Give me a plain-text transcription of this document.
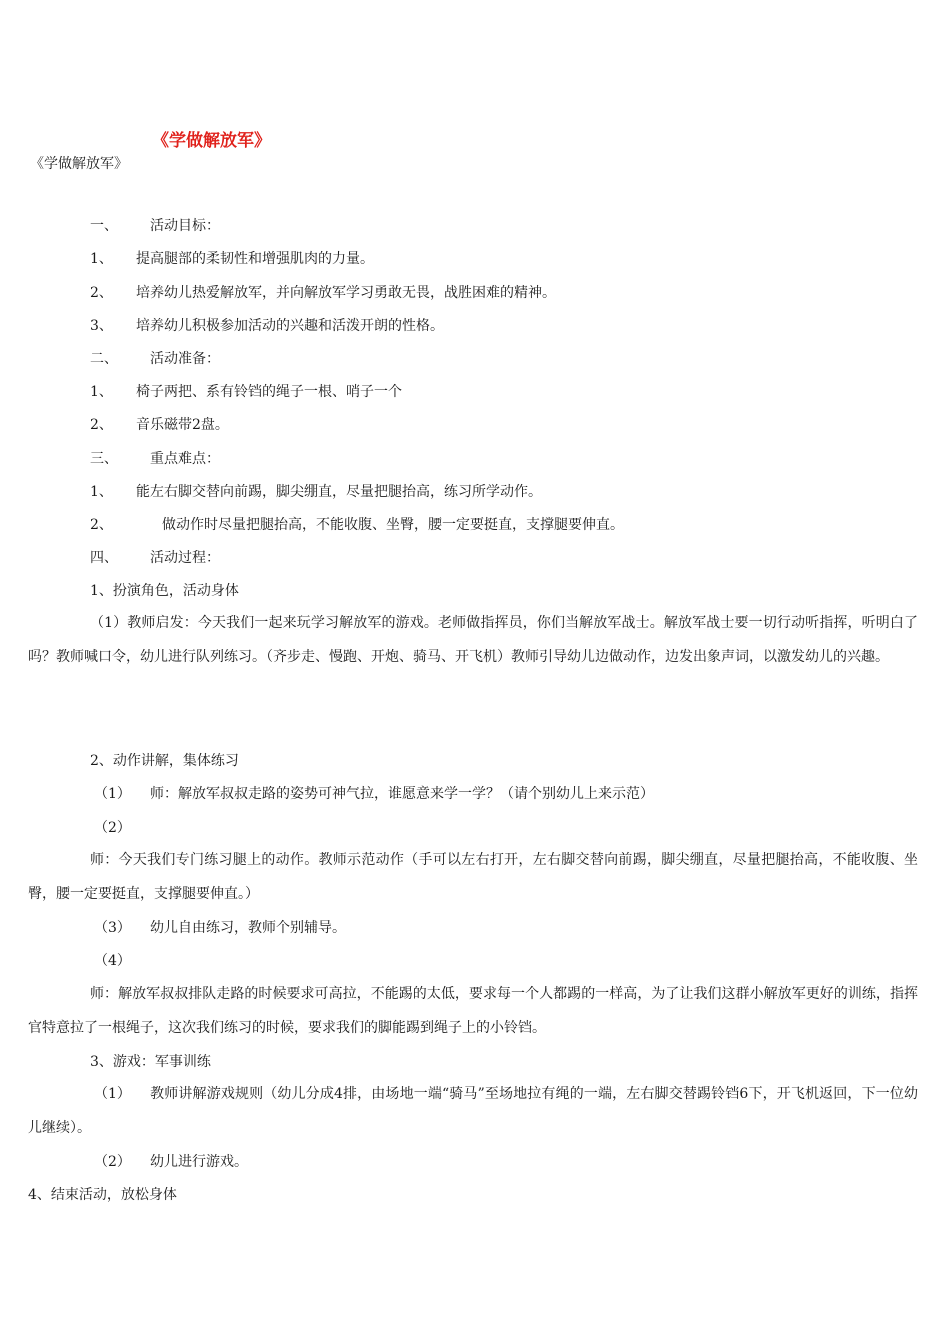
《学做解放军》
《学做解放军》
一、 活动目标：
1、 提高腿部的柔韧性和增强肌肉的力量。
2、 培养幼儿热爱解放军，并向解放军学习勇敢无畏，战胜困难的精神。
3、 培养幼儿积极参加活动的兴趣和活泼开朗的性格。
二、 活动准备：
1、 椅子两把、系有铃铛的绳子一根、哨子一个
2、 音乐磁带2盘。
三、 重点难点：
1、 能左右脚交替向前踢，脚尖绷直，尽量把腿抬高，练习所学动作。
2、	做动作时尽量把腿抬高，不能收腹、坐臀，腰一定要挺直，支撑腿要伸直。
四、 活动过程：
1、扮演角色，活动身体
（1）教师启发：今天我们一起来玩学习解放军的游戏。老师做指挥员，你们当解放军战士。解放军战士要一切行动听指挥，听明白了吗？教师喊口令，幼儿进行队列练习。（齐步走、慢跑、开炮、骑马、开飞机）教师引导幼儿边做动作，边发出象声词，以激发幼儿的兴趣。
2、动作讲解，集体练习
（1） 师：解放军叔叔走路的姿势可神气拉，谁愿意来学一学？（请个别幼儿上来示范）
（2）
师：今天我们专门练习腿上的动作。教师示范动作（手可以左右打开，左右脚交替向前踢，脚尖绷直，尽量把腿抬高，不能收腹、坐臀，腰一定要挺直，支撑腿要伸直。）
（3） 幼儿自由练习，教师个别辅导。
（4）
师：解放军叔叔排队走路的时候要求可高拉，不能踢的太低，要求每一个人都踢的一样高，为了让我们这群小解放军更好的训练，指挥官特意拉了一根绳子，这次我们练习的时候，要求我们的脚能踢到绳子上的小铃铛。
3、游戏：军事训练
（1） 教师讲解游戏规则（幼儿分成4排，由场地一端“骑马”至场地拉有绳的一端，左右脚交替踢铃铛6下，开飞机返回，下一位幼儿继续）。
（2） 幼儿进行游戏。
4、结束活动，放松身体
